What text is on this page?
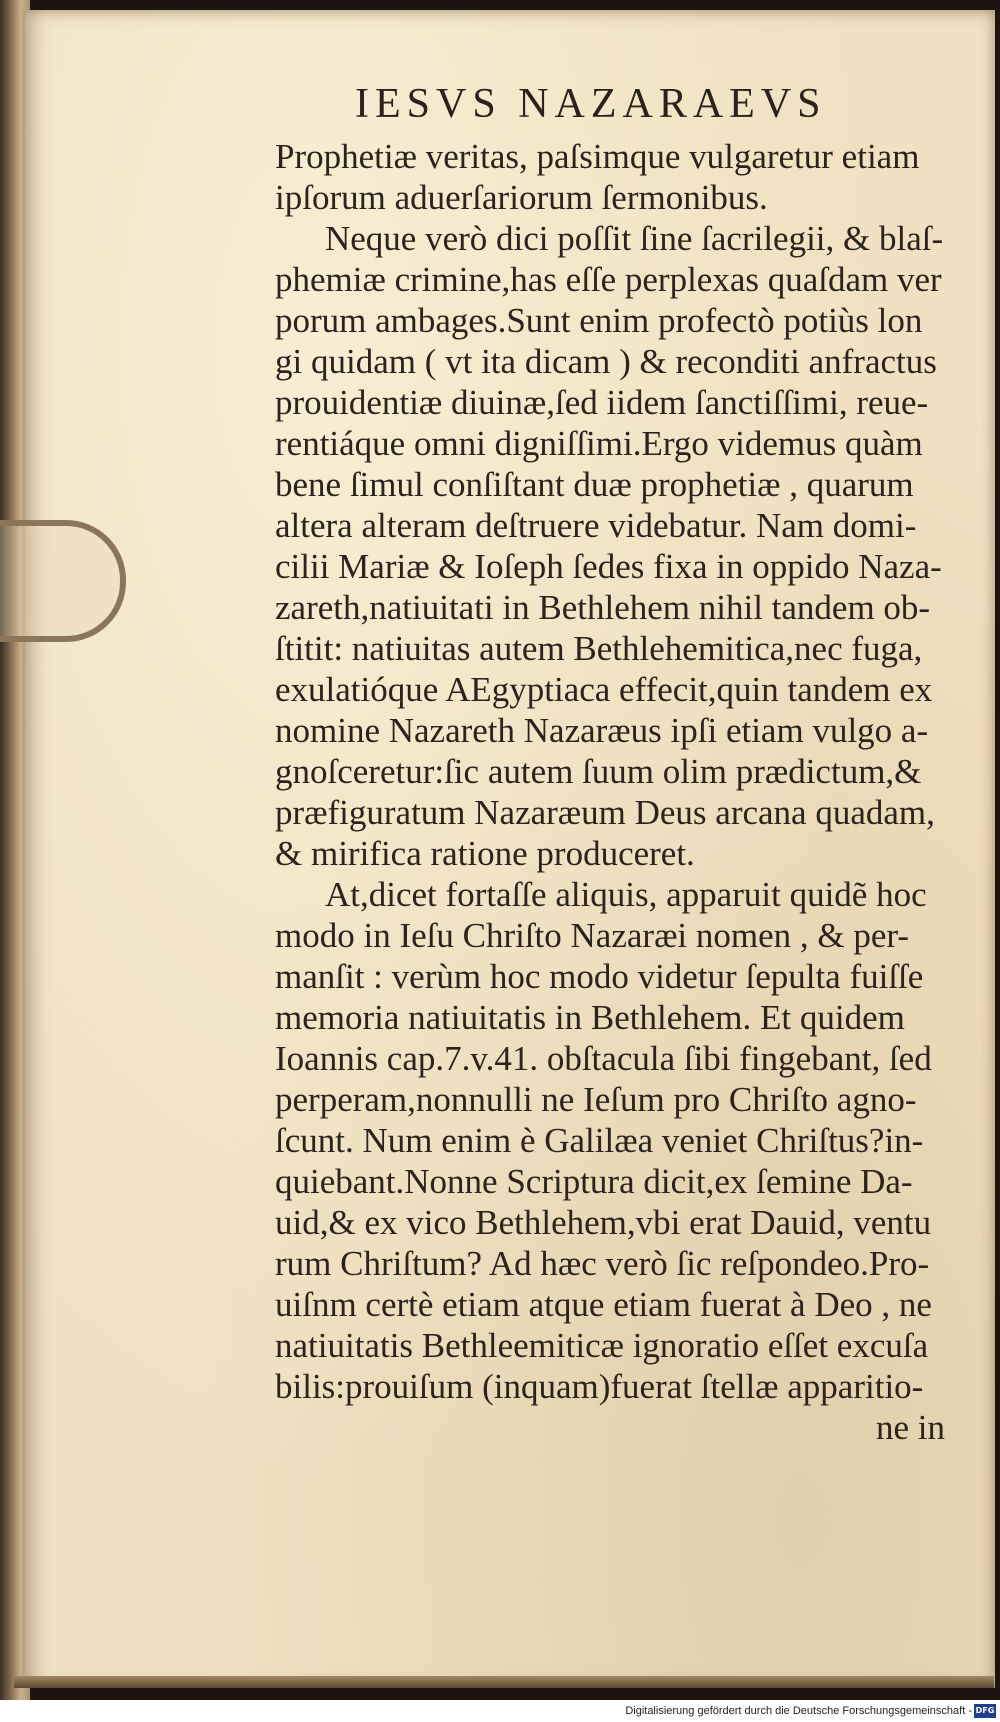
IESVS NAZARAEVS
Prophetiæ veritas, paſsimque vulgaretur etiam
ipſorum aduerſariorum ſermonibus.
Neque verò dici poſſit ſine ſacrilegii, & blaſ-
phemiæ crimine,has eſſe perplexas quaſdam ver
porum ambages.Sunt enim profectò potiùs lon
gi quidam ( vt ita dicam ) & reconditi anfractus
prouidentiæ diuinæ,ſed iidem ſanctiſſimi, reue-
rentiáque omni digniſſimi.Ergo videmus quàm
bene ſimul conſiſtant duæ prophetiæ , quarum
altera alteram deſtruere videbatur. Nam domi-
cilii Mariæ & Ioſeph ſedes fixa in oppido Naza-
zareth,natiuitati in Bethlehem nihil tandem ob-
ſtitit: natiuitas autem Bethlehemitica,nec fuga,
exulatióque AEgyptiaca effecit,quin tandem ex
nomine Nazareth Nazaræus ipſi etiam vulgo a-
gnoſceretur:ſic autem ſuum olim prædictum,&
præfiguratum Nazaræum Deus arcana quadam,
& mirifica ratione produceret.
At,dicet fortaſſe aliquis, apparuit quidẽ hoc
modo in Ieſu Chriſto Nazaræi nomen , & per-
manſit : verùm hoc modo videtur ſepulta fuiſſe
memoria natiuitatis in Bethlehem. Et quidem
Ioannis cap.7.v.41. obſtacula ſibi fingebant, ſed
perperam,nonnulli ne Ieſum pro Chriſto agno-
ſcunt. Num enim è Galilæa veniet Chriſtus?in-
quiebant.Nonne Scriptura dicit,ex ſemine Da-
uid,& ex vico Bethlehem,vbi erat Dauid, ventu
rum Chriſtum? Ad hæc verò ſic reſpondeo.Pro-
uiſnm certè etiam atque etiam fuerat à Deo , ne
natiuitatis Bethleemiticæ ignoratio eſſet excuſa
bilis:prouiſum (inquam)fuerat ſtellæ apparitio-
ne in
Digitalisierung gefördert durch die Deutsche Forschungsgemeinschaft - DFG
